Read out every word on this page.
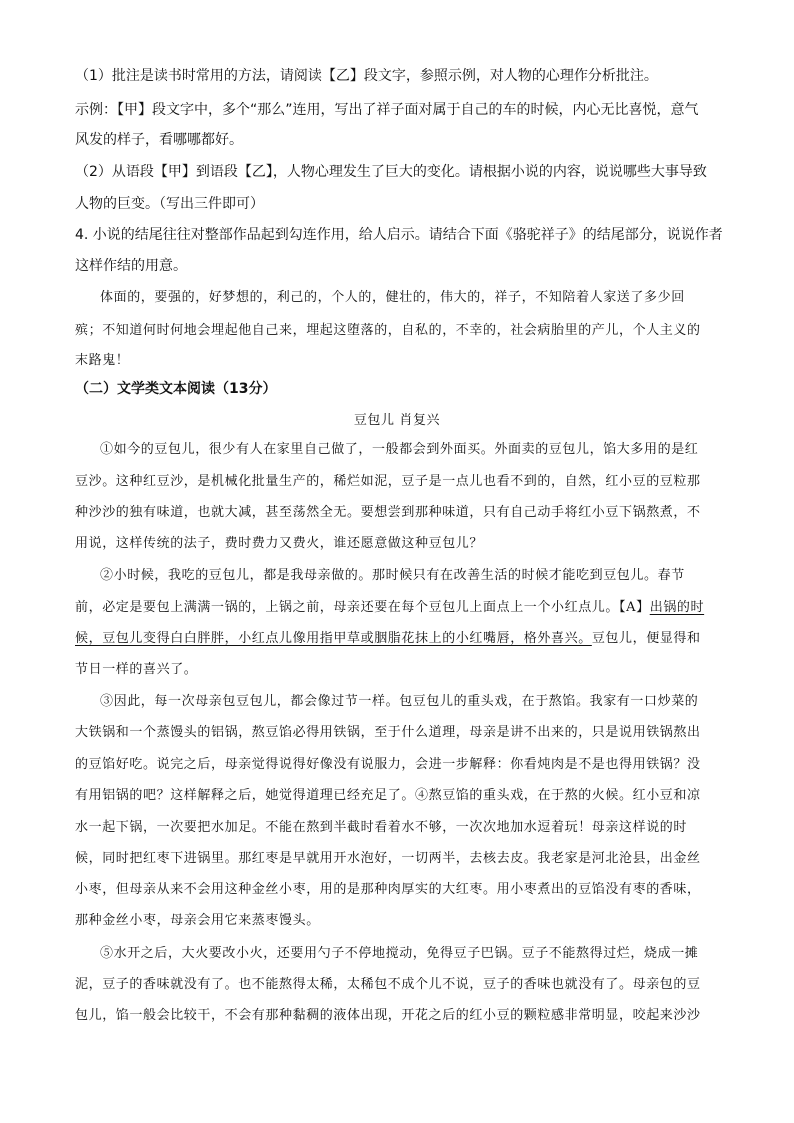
（1）批注是读书时常用的方法，请阅读【乙】段文字，参照示例，对人物的心理作分析批注。
示例：【甲】段文字中，多个“那么”连用，写出了祥子面对属于自己的车的时候，内心无比喜悦，意气
风发的样子，看哪哪都好。
（2）从语段【甲】到语段【乙】，人物心理发生了巨大的变化。请根据小说的内容，说说哪些大事导致
人物的巨变。（写出三件即可）
4. 小说的结尾往往对整部作品起到勾连作用，给人启示。请结合下面《骆驼祥子》的结尾部分，说说作者
这样作结的用意。
体面的，要强的，好梦想的，利己的，个人的，健壮的，伟大的，祥子，不知陪着人家送了多少回
殡；不知道何时何地会埋起他自己来，埋起这堕落的，自私的，不幸的，社会病胎里的产儿，个人主义的
末路鬼！
（二）文学类文本阅读（13分）
豆包儿 肖复兴
①如今的豆包儿，很少有人在家里自己做了，一般都会到外面买。外面卖的豆包儿，馅大多用的是红
豆沙。这种红豆沙，是机械化批量生产的，稀烂如泥，豆子是一点儿也看不到的，自然，红小豆的豆粒那
种沙沙的独有味道，也就大减，甚至荡然全无。要想尝到那种味道，只有自己动手将红小豆下锅熬煮，不
用说，这样传统的法子，费时费力又费火，谁还愿意做这种豆包儿？
②小时候，我吃的豆包儿，都是我母亲做的。那时候只有在改善生活的时候才能吃到豆包儿。春节
前，必定是要包上满满一锅的，上锅之前，母亲还要在每个豆包儿上面点上一个小红点儿。【A】出锅的时
候，豆包儿变得白白胖胖，小红点儿像用指甲草或胭脂花抹上的小红嘴唇，格外喜兴。豆包儿，便显得和
节日一样的喜兴了。
③因此，每一次母亲包豆包儿，都会像过节一样。包豆包儿的重头戏，在于熬馅。我家有一口炒菜的
大铁锅和一个蒸馒头的铝锅，熬豆馅必得用铁锅，至于什么道理，母亲是讲不出来的，只是说用铁锅熬出
的豆馅好吃。说完之后，母亲觉得说得好像没有说服力，会进一步解释：你看炖肉是不是也得用铁锅？没
有用铝锅的吧？这样解释之后，她觉得道理已经充足了。④熬豆馅的重头戏，在于熬的火候。红小豆和凉
水一起下锅，一次要把水加足。不能在熬到半截时看着水不够，一次次地加水逗着玩！母亲这样说的时
候，同时把红枣下进锅里。那红枣是早就用开水泡好，一切两半，去核去皮。我老家是河北沧县，出金丝
小枣，但母亲从来不会用这种金丝小枣，用的是那种肉厚实的大红枣。用小枣煮出的豆馅没有枣的香味，
那种金丝小枣，母亲会用它来蒸枣馒头。
⑤水开之后，大火要改小火，还要用勺子不停地搅动，免得豆子巴锅。豆子不能熬得过烂，烧成一摊
泥，豆子的香味就没有了。也不能熬得太稀，太稀包不成个儿不说，豆子的香味也就没有了。母亲包的豆
包儿，馅一般会比较干，不会有那种黏稠的液体出现，开花之后的红小豆的颗粒感非常明显，咬起来沙沙
